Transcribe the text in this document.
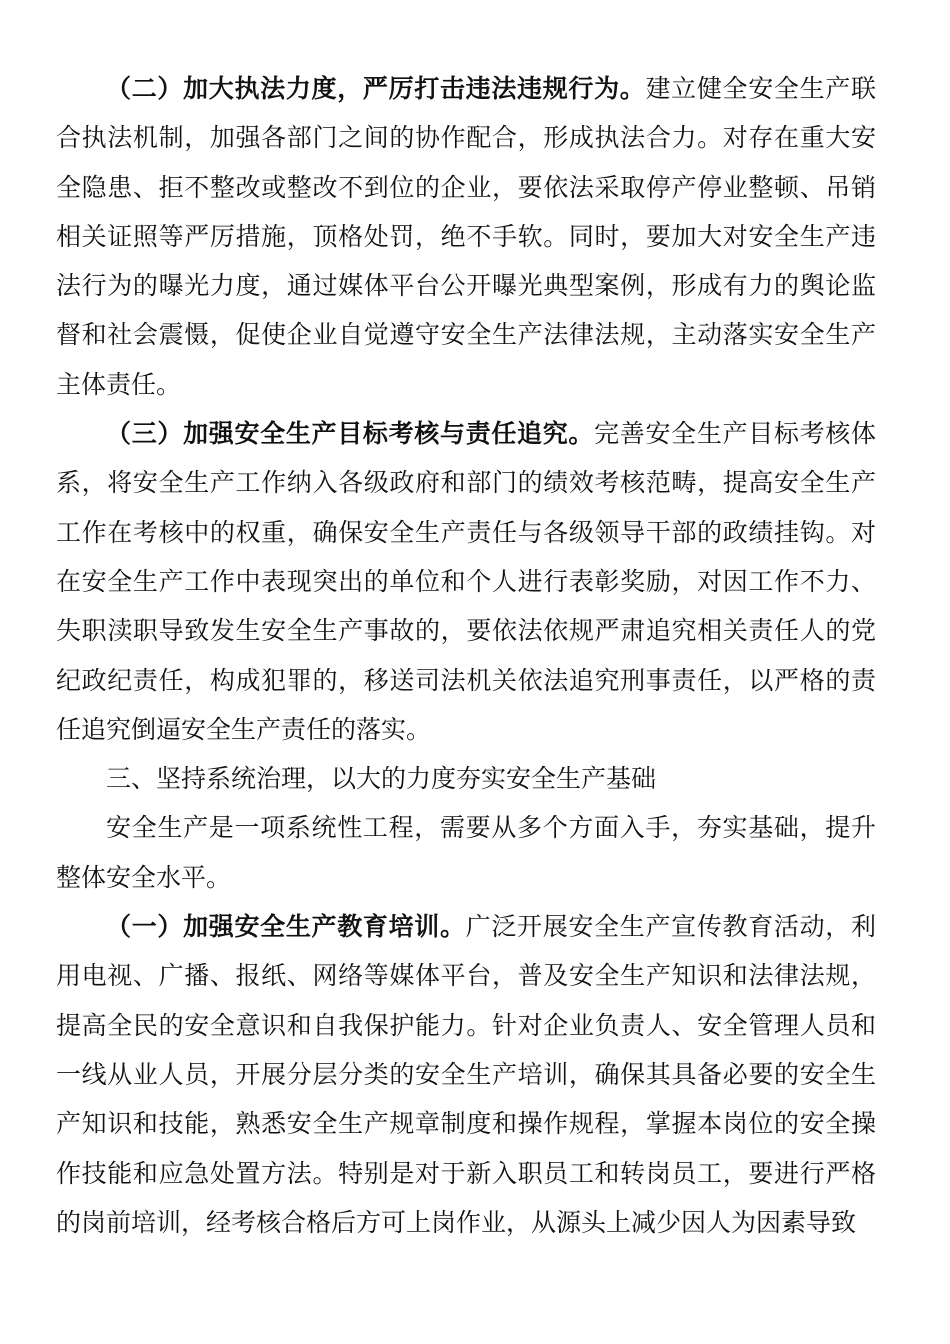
（二）加大执法力度，严厉打击违法违规行为。建立健全安全生产联合执法机制，加强各部门之间的协作配合，形成执法合力。对存在重大安全隐患、拒不整改或整改不到位的企业，要依法采取停产停业整顿、吊销相关证照等严厉措施，顶格处罚，绝不手软。同时，要加大对安全生产违法行为的曝光力度，通过媒体平台公开曝光典型案例，形成有力的舆论监督和社会震慑，促使企业自觉遵守安全生产法律法规，主动落实安全生产主体责任。

（三）加强安全生产目标考核与责任追究。完善安全生产目标考核体系，将安全生产工作纳入各级政府和部门的绩效考核范畴，提高安全生产工作在考核中的权重，确保安全生产责任与各级领导干部的政绩挂钩。对在安全生产工作中表现突出的单位和个人进行表彰奖励，对因工作不力、失职渎职导致发生安全生产事故的，要依法依规严肃追究相关责任人的党纪政纪责任，构成犯罪的，移送司法机关依法追究刑事责任，以严格的责任追究倒逼安全生产责任的落实。

三、坚持系统治理，以大的力度夯实安全生产基础

安全生产是一项系统性工程，需要从多个方面入手，夯实基础，提升整体安全水平。

（一）加强安全生产教育培训。广泛开展安全生产宣传教育活动，利用电视、广播、报纸、网络等媒体平台，普及安全生产知识和法律法规，提高全民的安全意识和自我保护能力。针对企业负责人、安全管理人员和一线从业人员，开展分层分类的安全生产培训，确保其具备必要的安全生产知识和技能，熟悉安全生产规章制度和操作规程，掌握本岗位的安全操作技能和应急处置方法。特别是对于新入职员工和转岗员工，要进行严格的岗前培训，经考核合格后方可上岗作业，从源头上减少因人为因素导致
